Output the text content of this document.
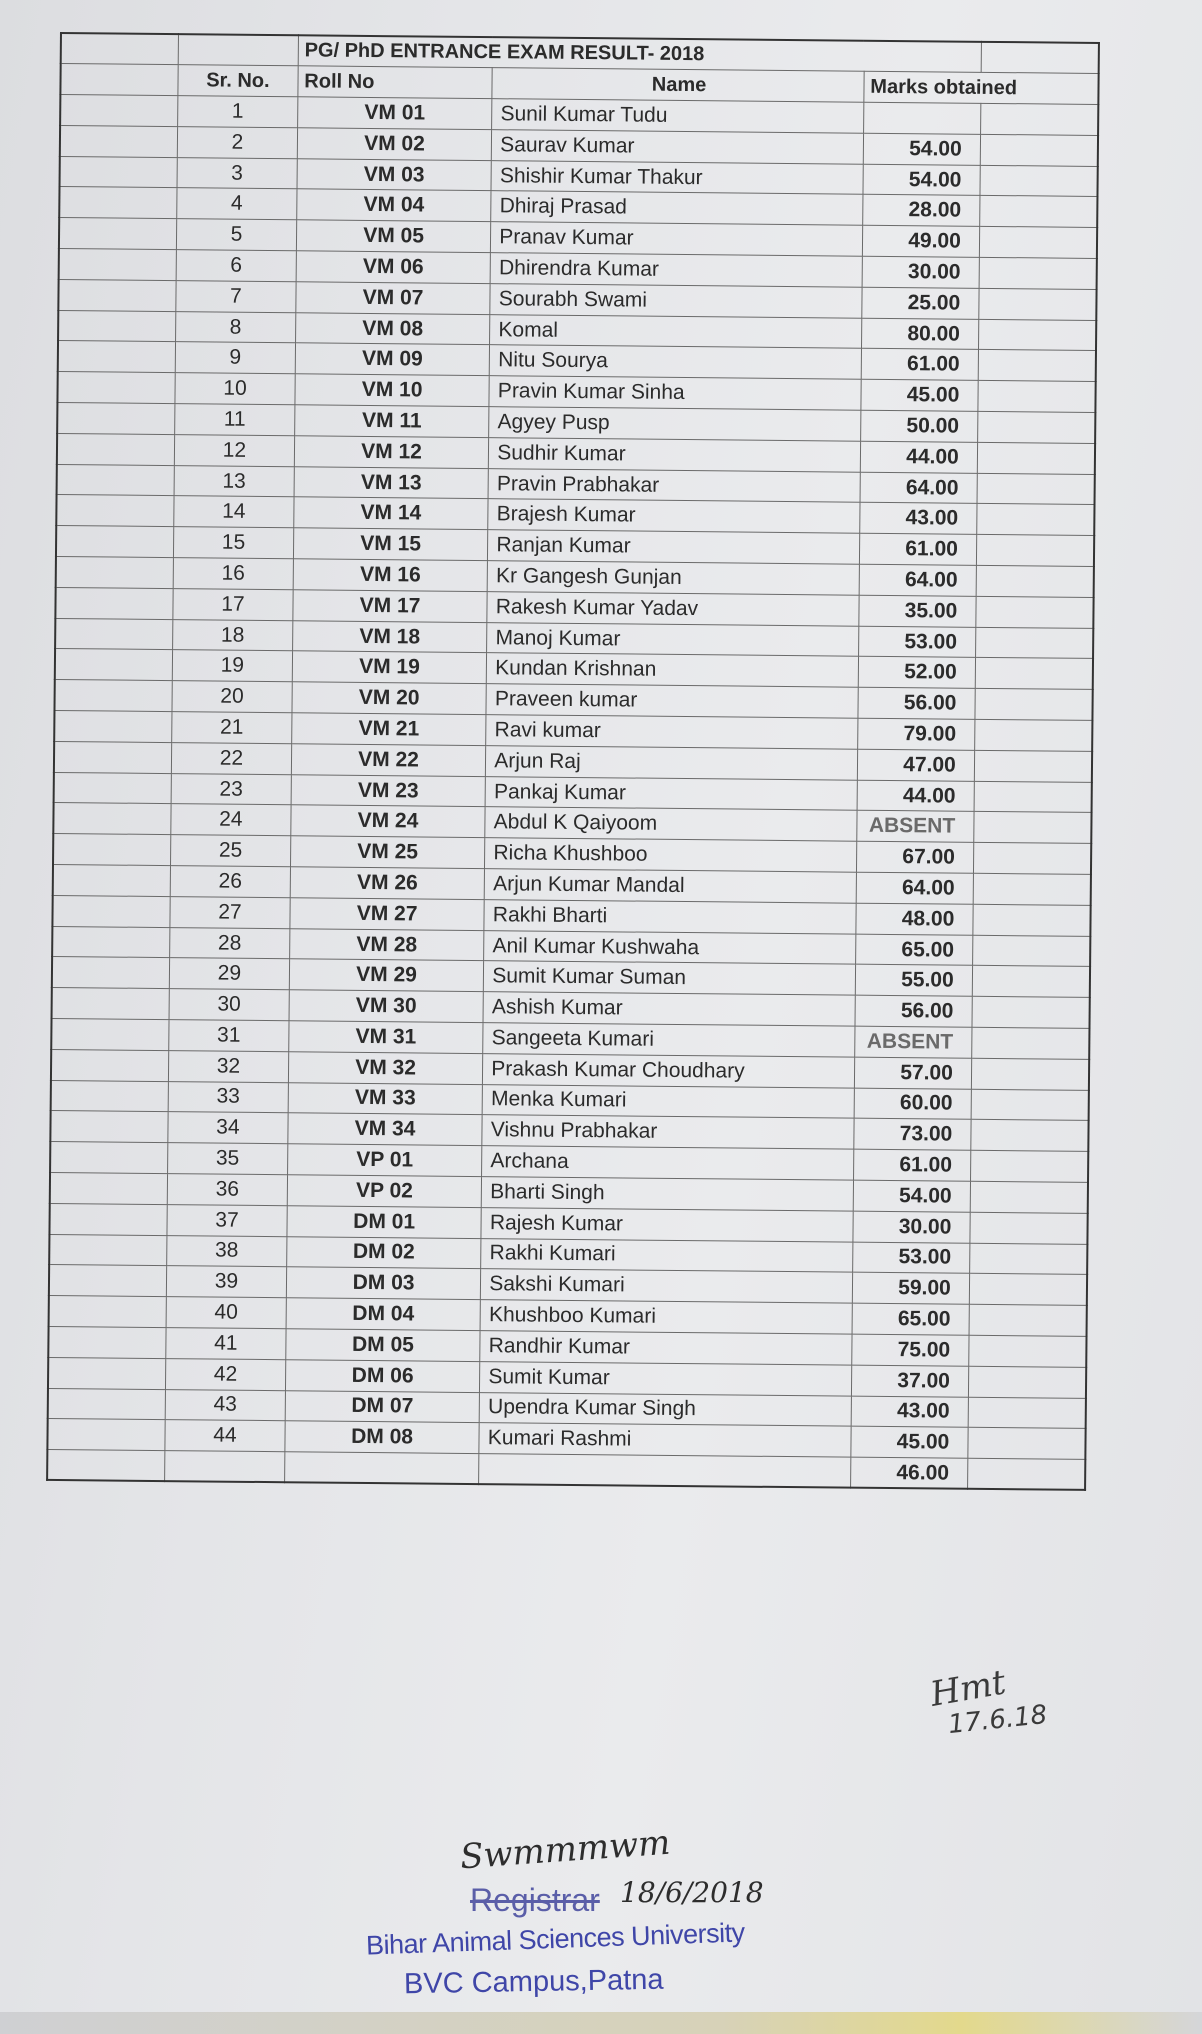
		PG/ PhD ENTRANCE EXAM RESULT- 2018			
	Sr. No.	Roll No	Name	Marks obtained	
	1	VM 01	Sunil Kumar Tudu		
	2	VM 02	Saurav Kumar	54.00	
	3	VM 03	Shishir Kumar Thakur	54.00	
	4	VM 04	Dhiraj Prasad	28.00	
	5	VM 05	Pranav Kumar	49.00	
	6	VM 06	Dhirendra Kumar	30.00	
	7	VM 07	Sourabh Swami	25.00	
	8	VM 08	Komal	80.00	
	9	VM 09	Nitu Sourya	61.00	
	10	VM 10	Pravin Kumar Sinha	45.00	
	11	VM 11	Agyey Pusp	50.00	
	12	VM 12	Sudhir Kumar	44.00	
	13	VM 13	Pravin Prabhakar	64.00	
	14	VM 14	Brajesh Kumar	43.00	
	15	VM 15	Ranjan Kumar	61.00	
	16	VM 16	Kr Gangesh Gunjan	64.00	
	17	VM 17	Rakesh Kumar Yadav	35.00	
	18	VM 18	Manoj Kumar	53.00	
	19	VM 19	Kundan Krishnan	52.00	
	20	VM 20	Praveen kumar	56.00	
	21	VM 21	Ravi kumar	79.00	
	22	VM 22	Arjun Raj	47.00	
	23	VM 23	Pankaj Kumar	44.00	
	24	VM 24	Abdul K Qaiyoom	ABSENT	
	25	VM 25	Richa Khushboo	67.00	
	26	VM 26	Arjun Kumar Mandal	64.00	
	27	VM 27	Rakhi Bharti	48.00	
	28	VM 28	Anil Kumar Kushwaha	65.00	
	29	VM 29	Sumit Kumar Suman	55.00	
	30	VM 30	Ashish Kumar	56.00	
	31	VM 31	Sangeeta Kumari	ABSENT	
	32	VM 32	Prakash Kumar Choudhary	57.00	
	33	VM 33	Menka Kumari	60.00	
	34	VM 34	Vishnu Prabhakar	73.00	
	35	VP 01	Archana	61.00	
	36	VP 02	Bharti Singh	54.00	
	37	DM 01	Rajesh Kumar	30.00	
	38	DM 02	Rakhi Kumari	53.00	
	39	DM 03	Sakshi Kumari	59.00	
	40	DM 04	Khushboo Kumari	65.00	
	41	DM 05	Randhir Kumar	75.00	
	42	DM 06	Sumit Kumar	37.00	
	43	DM 07	Upendra Kumar Singh	43.00	
	44	DM 08	Kumari Rashmi	45.00	
				46.00	
Hmt
17.6.18
Swmmmwm
Registrar 18/6/2018
Bihar Animal Sciences University
BVC Campus,Patna
